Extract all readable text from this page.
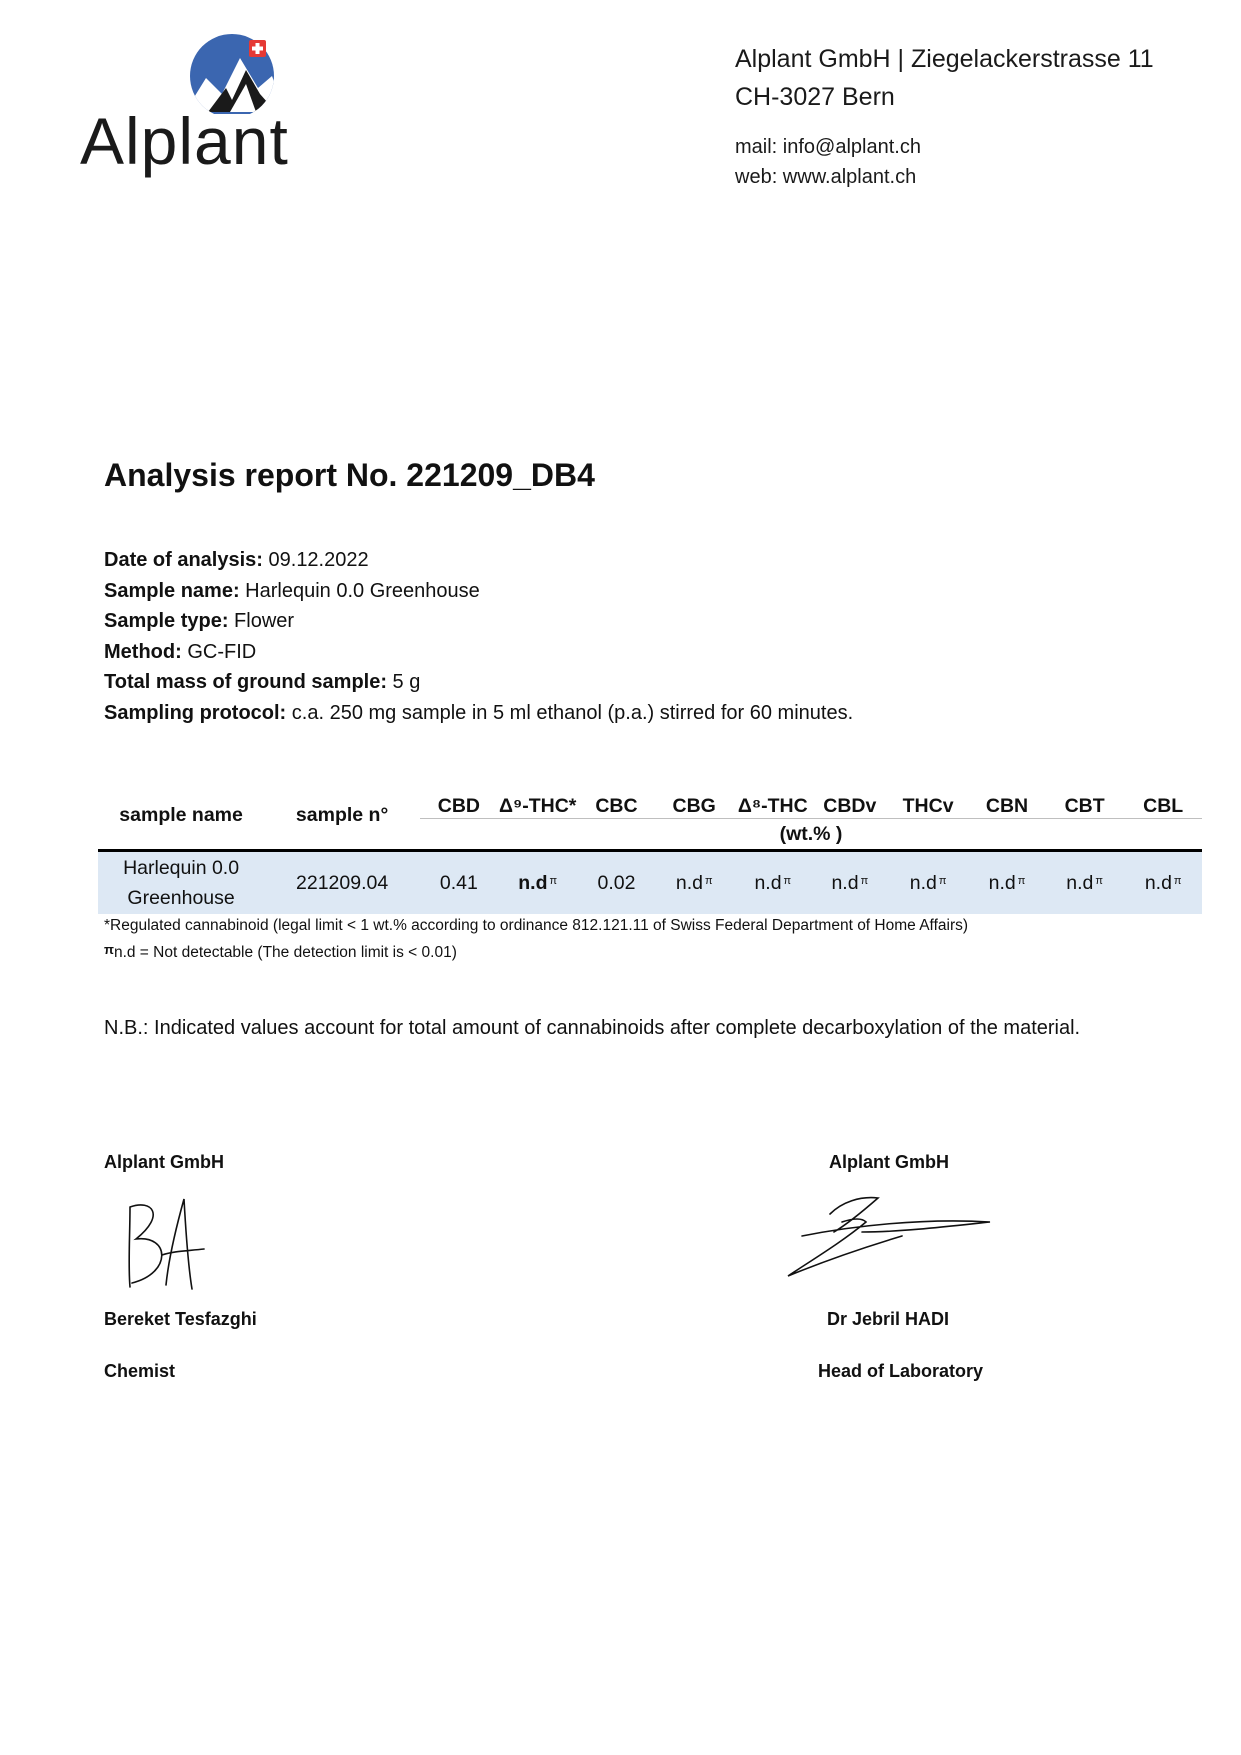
Alplant
Alplant GmbH | Ziegelackerstrasse 11
CH-3027 Bern
mail: info@alplant.ch
web: www.alplant.ch
Analysis report No. 221209_DB4
Date of analysis: 09.12.2022
Sample name: Harlequin 0.0 Greenhouse
Sample type: Flower
Method: GC-FID
Total mass of ground sample: 5 g
Sampling protocol: c.a. 250 mg sample in 5 ml ethanol (p.a.) stirred for 60 minutes.
sample name	sample n°	CBD	Δ⁹-THC*	CBC	CBG	Δ⁸-THC	CBDv	THCv	CBN	CBT	CBL
		(wt.% )									

Harlequin 0.0
Greenhouse	221209.04	0.41	n.d $^\pi$	0.02	n.d $^\pi$	n.d $^\pi$	n.d $^\pi$	n.d $^\pi$	n.d $^\pi$	n.d $^\pi$	n.d $^\pi$
*Regulated cannabinoid (legal limit < 1 wt.% according to ordinance 812.121.11 of Swiss Federal Department of Home Affairs)
$^\pi$n.d = Not detectable (The detection limit is < 0.01)
N.B.: Indicated values account for total amount of cannabinoids after complete decarboxylation of the material.
Alplant GmbH
Bereket Tesfazghi
Chemist
Alplant GmbH
Dr Jebril HADI
Head of Laboratory
